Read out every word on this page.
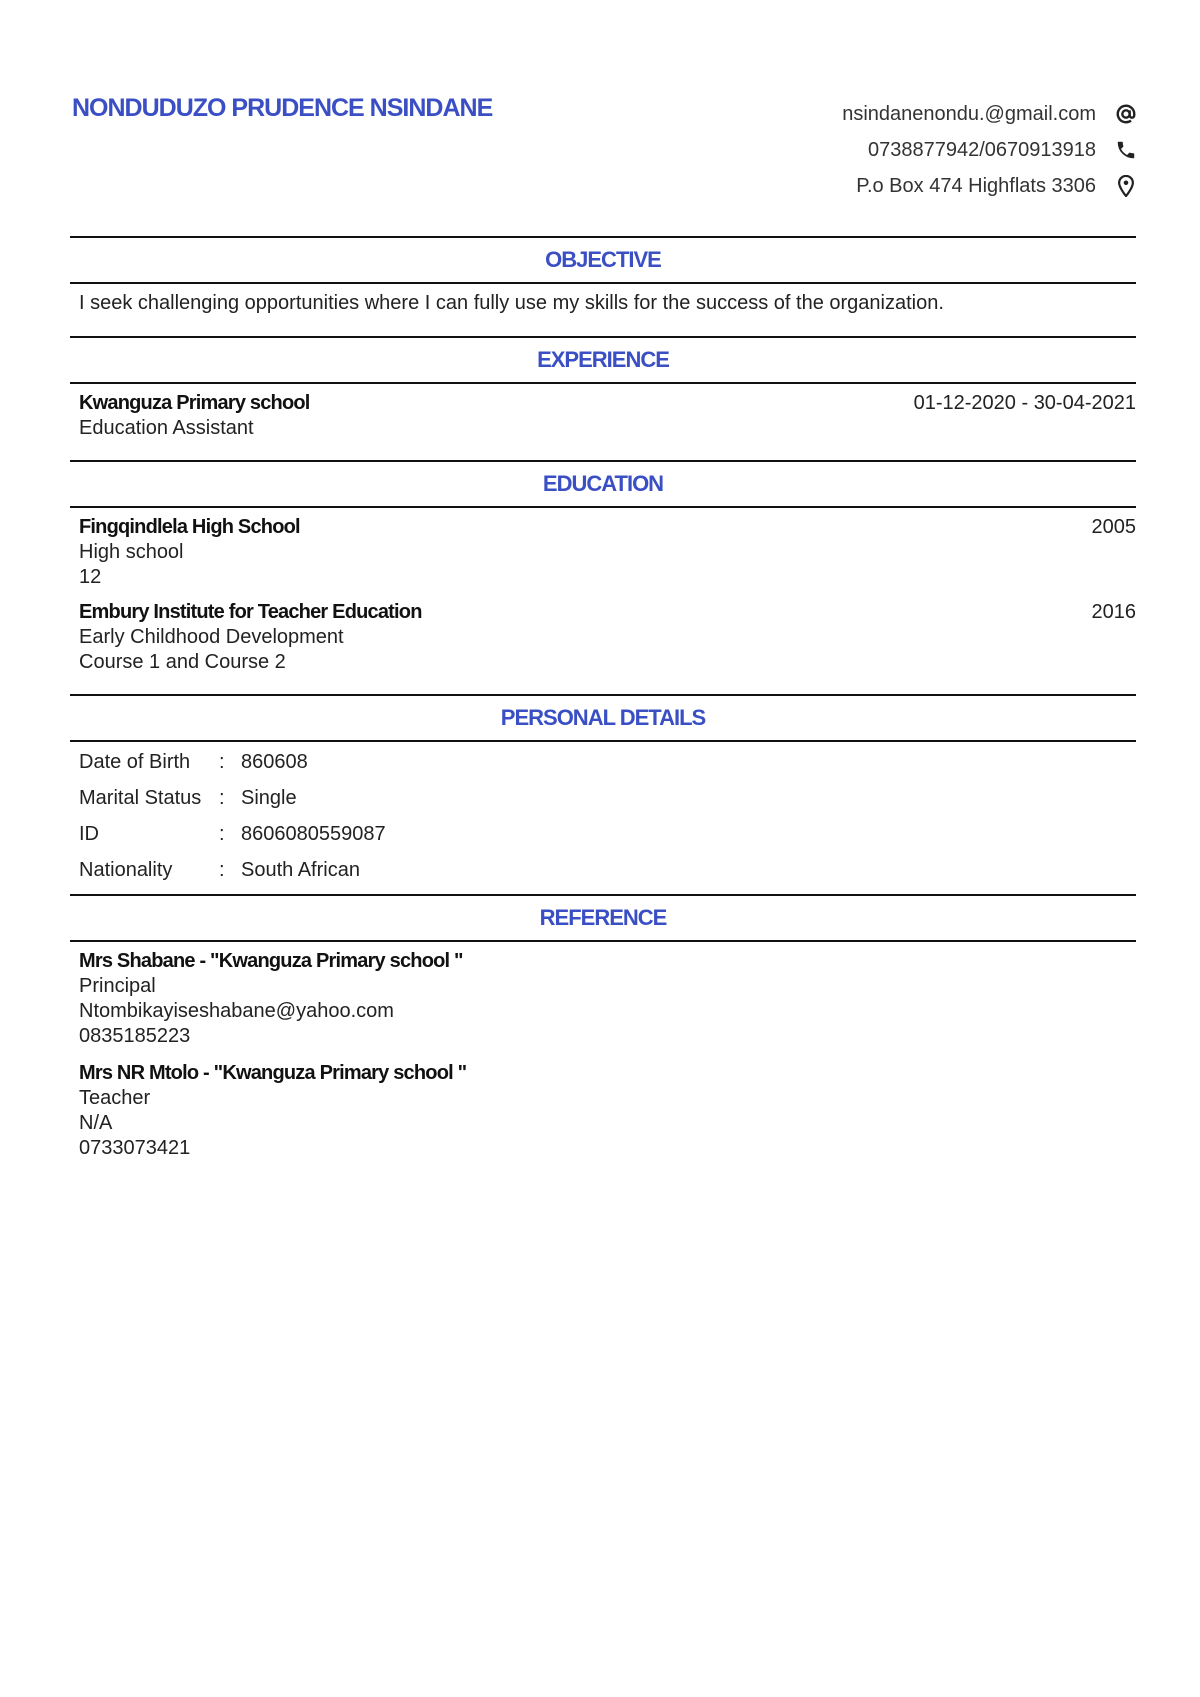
NONDUDUZO PRUDENCE NSINDANE	nsindanenondu.@gmail.com
0738877942/0670913918
P.o Box 474 Highflats 3306
OBJECTIVE
I seek challenging opportunities where I can fully use my skills for the success of the organization.
EXPERIENCE
Kwanguza Primary school
Education Assistant
01-12-2020 - 30-04-2021
EDUCATION
Fingqindlela High School
High school
12
2005
Embury Institute for Teacher Education
Early Childhood Development
Course 1 and Course 2
2016
PERSONAL DETAILS
Date of Birth	: 860608
Marital Status : Single
ID	: 8606080559087
Nationality	: South African
REFERENCE
Mrs Shabane - "Kwanguza Primary school "
Principal
Ntombikayiseshabane@yahoo.com
0835185223
Mrs NR Mtolo - "Kwanguza Primary school "
Teacher
N/A
0733073421
